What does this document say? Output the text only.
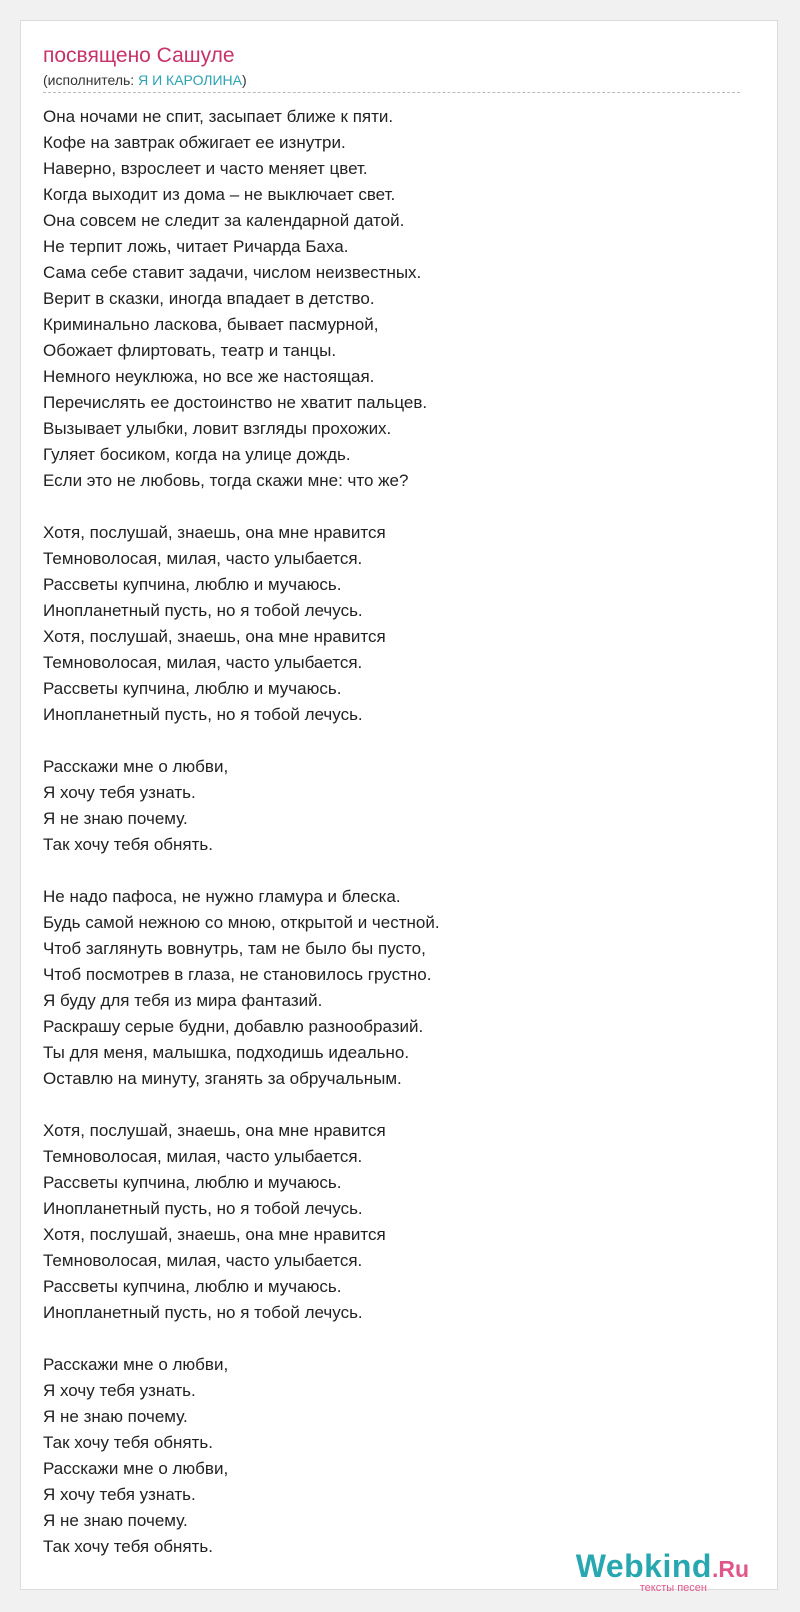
посвящено Сашуле
(исполнитель: Я И КАРОЛИНА)
Она ночами не спит, засыпает ближе к пяти.
Кофе на завтрак обжигает ее изнутри.
Наверно, взрослеет и часто меняет цвет.
Когда выходит из дома – не выключает свет.
Она совсем не следит за календарной датой.
Не терпит ложь, читает Ричарда Баха.
Сама себе ставит задачи, числом неизвестных.
Верит в сказки, иногда впадает в детство.
Криминально ласкова, бывает пасмурной,
Обожает флиртовать, театр и танцы.
Немного неуклюжа, но все же настоящая.
Перечислять ее достоинство не хватит пальцев.
Вызывает улыбки, ловит взгляды прохожих.
Гуляет босиком, когда на улице дождь.
Если это не любовь, тогда скажи мне: что же?
Хотя, послушай, знаешь, она мне нравится
Темноволосая, милая, часто улыбается.
Рассветы купчина, люблю и мучаюсь.
Инопланетный пусть, но я тобой лечусь.
Хотя, послушай, знаешь, она мне нравится
Темноволосая, милая, часто улыбается.
Рассветы купчина, люблю и мучаюсь.
Инопланетный пусть, но я тобой лечусь.
Расскажи мне о любви,
Я хочу тебя узнать.
Я не знаю почему.
Так хочу тебя обнять.
Не надо пафоса, не нужно гламура и блеска.
Будь самой нежною со мною, открытой и честной.
Чтоб заглянуть вовнутрь, там не было бы пусто,
Чтоб посмотрев в глаза, не становилось грустно.
Я буду для тебя из мира фантазий.
Раскрашу серые будни, добавлю разнообразий.
Ты для меня, малышка, подходишь идеально.
Оставлю на минуту, зганять за обручальным.
Хотя, послушай, знаешь, она мне нравится
Темноволосая, милая, часто улыбается.
Рассветы купчина, люблю и мучаюсь.
Инопланетный пусть, но я тобой лечусь.
Хотя, послушай, знаешь, она мне нравится
Темноволосая, милая, часто улыбается.
Рассветы купчина, люблю и мучаюсь.
Инопланетный пусть, но я тобой лечусь.
Расскажи мне о любви,
Я хочу тебя узнать.
Я не знаю почему.
Так хочу тебя обнять.
Расскажи мне о любви,
Я хочу тебя узнать.
Я не знаю почему.
Так хочу тебя обнять.
Webkind.Ru
тексты песен
